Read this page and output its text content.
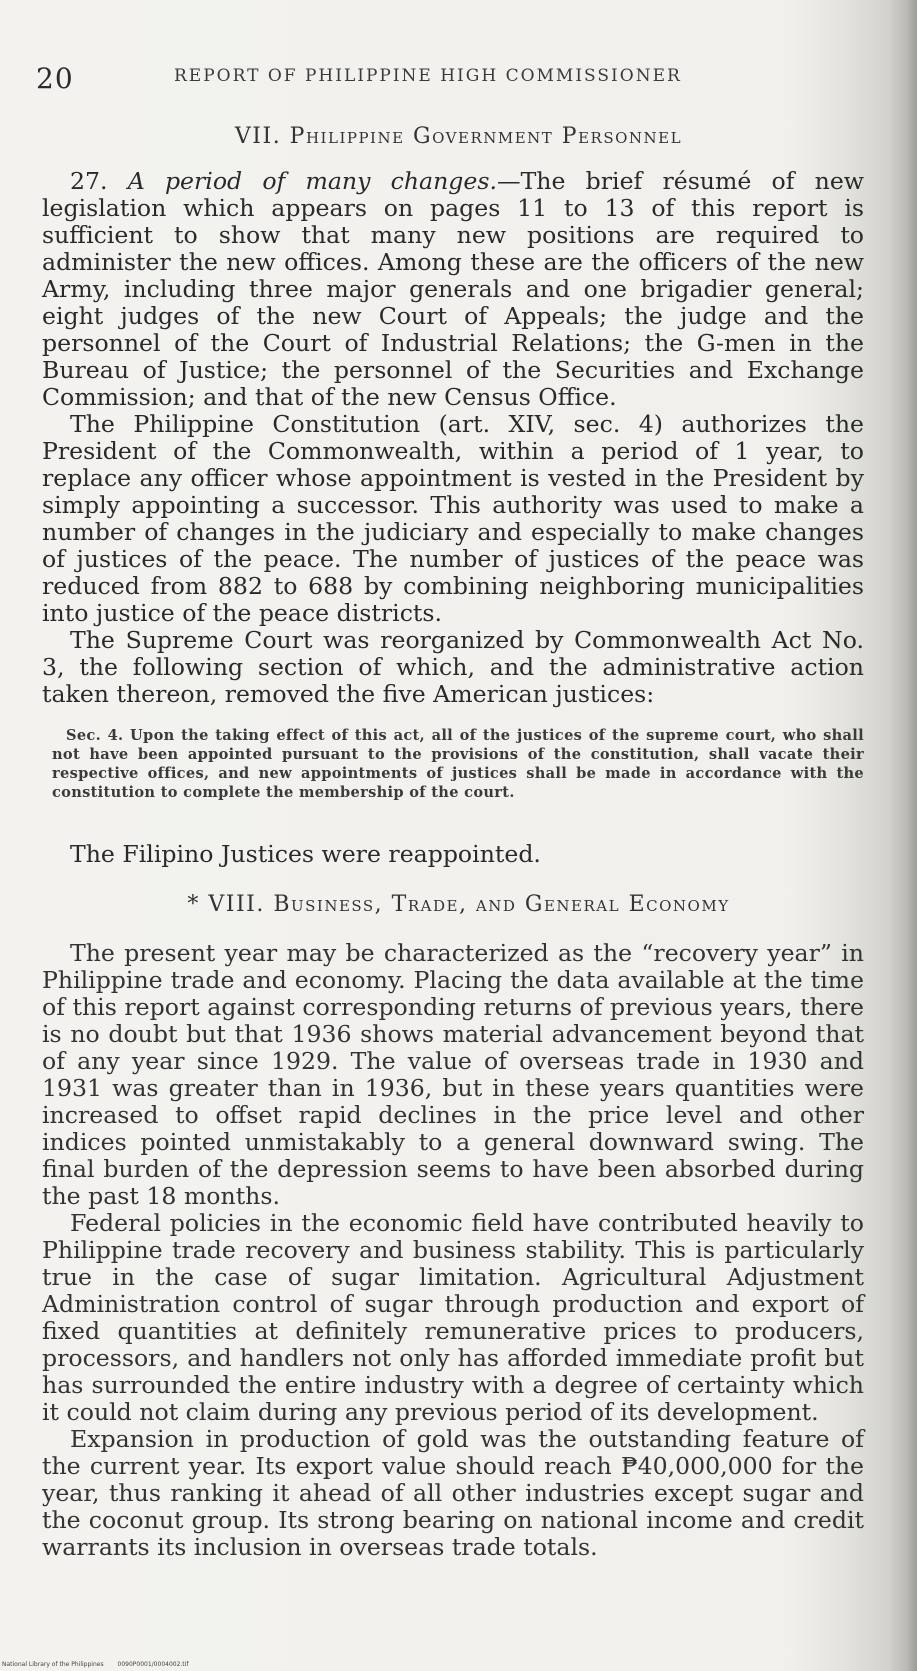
20	REPORT OF PHILIPPINE HIGH COMMISSIONER
VII. Philippine Government Personnel

27. A period of many changes.—The brief résumé of new legislation which appears on pages 11 to 13 of this report is sufficient to show that many new positions are required to administer the new offices. Among these are the officers of the new Army, including three major generals and one brigadier general; eight judges of the new Court of Appeals; the judge and the personnel of the Court of Industrial Relations; the G-men in the Bureau of Justice; the personnel of the Securities and Exchange Commission; and that of the new Census Office.

The Philippine Constitution (art. XIV, sec. 4) authorizes the President of the Commonwealth, within a period of 1 year, to replace any officer whose appointment is vested in the President by simply appointing a successor. This authority was used to make a number of changes in the judiciary and especially to make changes of justices of the peace. The number of justices of the peace was reduced from 882 to 688 by combining neighboring municipalities into justice of the peace districts.

The Supreme Court was reorganized by Commonwealth Act No. 3, the following section of which, and the administrative action taken thereon, removed the five American justices:

Sec. 4. Upon the taking effect of this act, all of the justices of the supreme court, who shall not have been appointed pursuant to the provisions of the constitution, shall vacate their respective offices, and new appointments of justices shall be made in accordance with the constitution to complete the membership of the court.

The Filipino Justices were reappointed.
* VIII. Business, Trade, and General Economy

The present year may be characterized as the “recovery year” in Philippine trade and economy. Placing the data available at the time of this report against corresponding returns of previous years, there is no doubt but that 1936 shows material advancement beyond that of any year since 1929. The value of overseas trade in 1930 and 1931 was greater than in 1936, but in these years quantities were increased to offset rapid declines in the price level and other indices pointed unmistakably to a general downward swing. The final burden of the depression seems to have been absorbed during the past 18 months.

Federal policies in the economic field have contributed heavily to Philippine trade recovery and business stability. This is particularly true in the case of sugar limitation. Agricultural Adjustment Administration control of sugar through production and export of fixed quantities at definitely remunerative prices to producers, processors, and handlers not only has afforded immediate profit but has surrounded the entire industry with a degree of certainty which it could not claim during any previous period of its development.

Expansion in production of gold was the outstanding feature of the current year. Its export value should reach ₱40,000,000 for the year, thus ranking it ahead of all other industries except sugar and the coconut group. Its strong bearing on national income and credit warrants its inclusion in overseas trade totals.

National Library of the Philippines 0090P0001/0004002.tif
